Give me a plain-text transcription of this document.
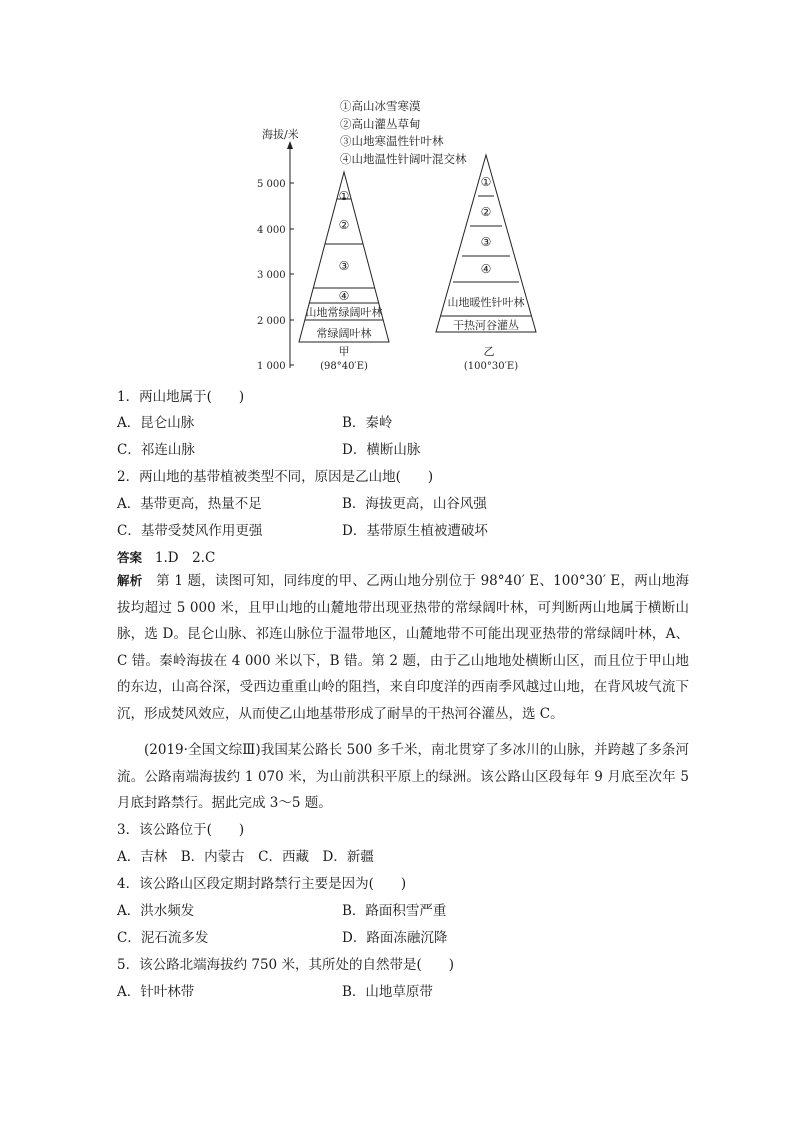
海拔/米
5 000
4 000
3 000
2 000
1 000
①
②
③
④
山地常绿阔叶林
常绿阔叶林
甲
(98°40′E)
①
②
③
④
山地暖性针叶林
干热河谷灌丛
乙
(100°30′E)
①高山冰雪寒漠
②高山灌丛草甸
③山地寒温性针叶林
④山地温性针阔叶混交林
1．两山地属于(　　)
A．昆仑山脉	B．秦岭
C．祁连山脉	D．横断山脉
2．两山地的基带植被类型不同，原因是乙山地(　　)
A．基带更高，热量不足	B．海拔更高，山谷风强
C．基带受焚风作用更强	D．基带原生植被遭破坏
答案 1.D　2.C
解析 第 1 题，读图可知，同纬度的甲、乙两山地分别位于 98°40′ E、100°30′ E，两山地海拔均超过 5 000 米，且甲山地的山麓地带出现亚热带的常绿阔叶林，可判断两山地属于横断山脉，选 D。昆仑山脉、祁连山脉位于温带地区，山麓地带不可能出现亚热带的常绿阔叶林，A、C 错。秦岭海拔在 4 000 米以下，B 错。第 2 题，由于乙山地地处横断山区，而且位于甲山地的东边，山高谷深，受西边重重山岭的阻挡，来自印度洋的西南季风越过山地，在背风坡气流下沉，形成焚风效应，从而使乙山地基带形成了耐旱的干热河谷灌丛，选 C。
(2019·全国文综Ⅲ)我国某公路长 500 多千米，南北贯穿了多冰川的山脉，并跨越了多条河流。公路南端海拔约 1 070 米，为山前洪积平原上的绿洲。该公路山区段每年 9 月底至次年 5 月底封路禁行。据此完成 3～5 题。
3．该公路位于(　　)
A．吉林　B．内蒙古　C．西藏　D．新疆
4．该公路山区段定期封路禁行主要是因为(　　)
A．洪水频发	B．路面积雪严重
C．泥石流多发	D．路面冻融沉降
5．该公路北端海拔约 750 米，其所处的自然带是(　　)
A．针叶林带	B．山地草原带
